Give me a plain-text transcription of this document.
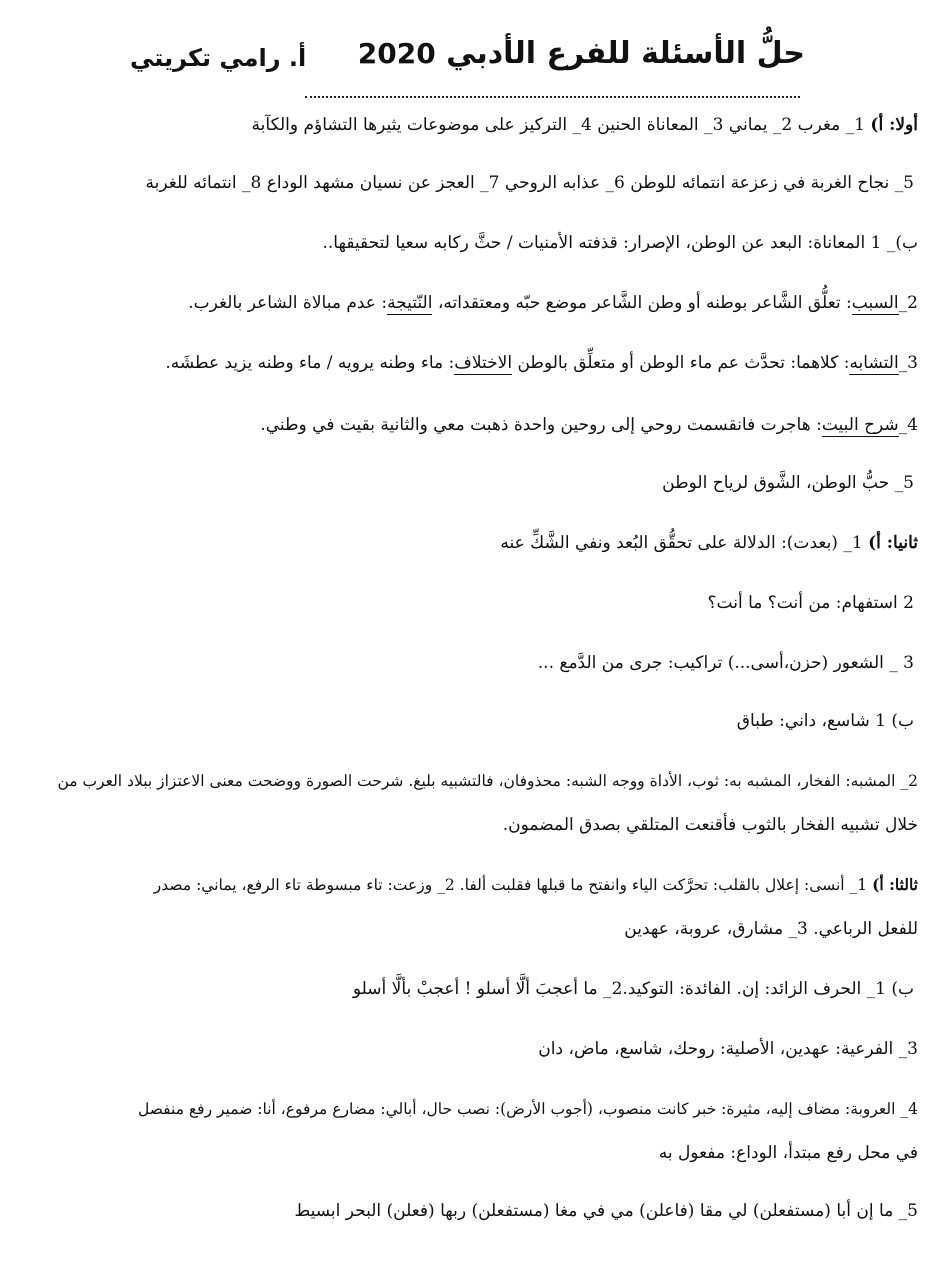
حلُّ الأسئلة للفرع الأدبي 2020
أ. رامي تكريتي
أولا: أ) 1_ مغرب 2_ يماني 3_ المعاناة الحنين 4_ التركيز على موضوعات يثيرها التشاؤم والكآبة
5_ نجاح الغربة في زعزعة انتمائه للوطن 6_ عذابه الروحي 7_ العجز عن نسيان مشهد الوداع 8_ انتمائه للغربة
ب)_ 1 المعاناة: البعد عن الوطن، الإصرار: قذفته الأمنيات / حثَّ ركابه سعيا لتحقيقها..
2_السبب: تعلُّق الشَّاعر بوطنه أو وطن الشَّاعر موضع حبّه ومعتقداته، النّتيجة: عدم مبالاة الشاعر بالغرب.
3_التشابه: كلاهما: تحدَّث عم ماء الوطن أو متعلِّق بالوطن الاختلاف: ماء وطنه يرويه / ماء وطنه يزيد عطشَه.
4_شرح البيت: هاجرت فانقسمت روحي إلى روحين واحدة ذهبت معي والثانية بقيت في وطني.
5_ حبُّ الوطن، الشَّوق لرياح الوطن
ثانيا: أ) 1_ (بعدت): الدلالة على تحقُّق البُعد ونفي الشَّكِّ عنه
2 استفهام: من أنت؟ ما أنت؟
3 _ الشعور (حزن،أسى...) تراكيب: جرى من الدَّمع ...
ب) 1 شاسع، داني: طباق
2_ المشبه: الفخار، المشبه به: ثوب، الأداة ووجه الشبه: محذوفان، فالتشبيه بليغ. شرحت الصورة ووضحت معنى الاعتزاز ببلاد العرب من
خلال تشبيه الفخار بالثوب فأقنعت المتلقي بصدق المضمون.
ثالثا: أ) 1_ أنسى: إعلال بالقلب: تحرَّكت الياء وانفتح ما قبلها فقلبت ألفا. 2_ وزعت: تاء مبسوطة تاء الرفع، يماني: مصدر
للفعل الرباعي. 3_ مشارق، عروبة، عهدين
ب) 1_ الحرف الزائد: إن. الفائدة: التوكيد.2_ ما أعجبَ ألَّا أسلو ! أعجبْ بألَّا أسلو
3_ الفرعية: عهدين، الأصلية: روحك، شاسع، ماض، دان
4_ العروبة: مضاف إليه، مثيرة: خبر كانت منصوب، (أجوب الأرض): نصب حال، أبالي: مضارع مرفوع، أنا: ضمير رفع منفصل
في محل رفع مبتدأ، الوداع: مفعول به
5_ ما إن أبا (مستفعلن) لي مقا (فاعلن) مي في مغا (مستفعلن) ربها (فعلن) البحر ابسيط
